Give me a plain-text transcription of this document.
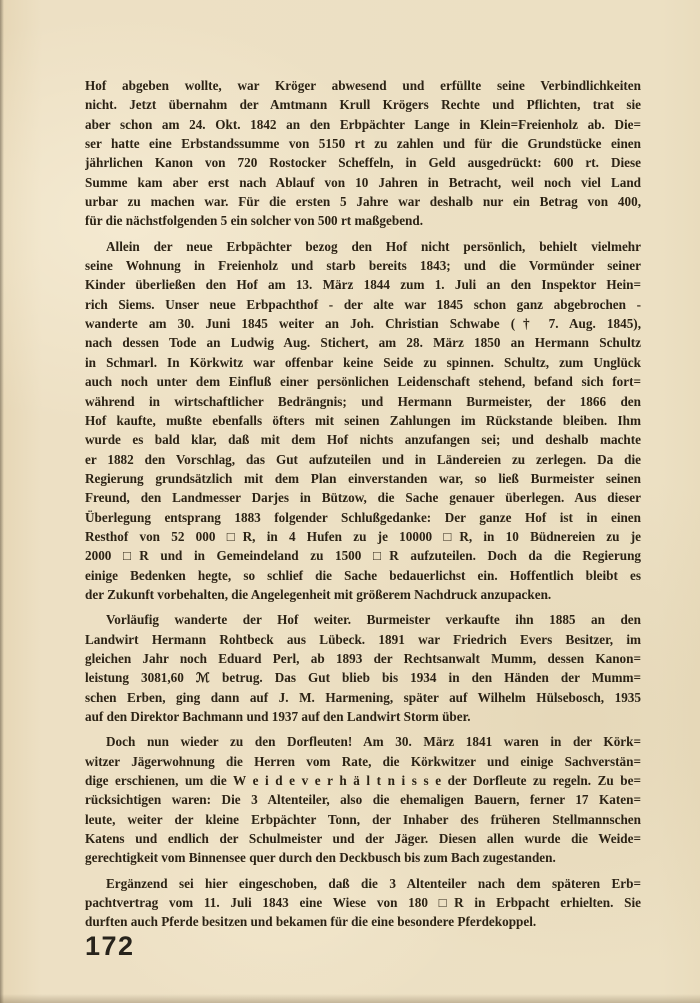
Hof abgeben wollte, war Kröger abwesend und erfüllte seine Verbindlichkeiten
nicht. Jetzt übernahm der Amtmann Krull Krögers Rechte und Pflichten, trat sie
aber schon am 24. Okt. 1842 an den Erbpächter Lange in Klein=Freienholz ab. Die=
ser hatte eine Erbstandssumme von 5150 rt zu zahlen und für die Grundstücke einen
jährlichen Kanon von 720 Rostocker Scheffeln, in Geld ausgedrückt: 600 rt. Diese
Summe kam aber erst nach Ablauf von 10 Jahren in Betracht, weil noch viel Land
urbar zu machen war. Für die ersten 5 Jahre war deshalb nur ein Betrag von 400,
für die nächstfolgenden 5 ein solcher von 500 rt maßgebend.
Allein der neue Erbpächter bezog den Hof nicht persönlich, behielt vielmehr
seine Wohnung in Freienholz und starb bereits 1843; und die Vormünder seiner
Kinder überließen den Hof am 13. März 1844 zum 1. Juli an den Inspektor Hein=
rich Siems. Unser neue Erbpachthof - der alte war 1845 schon ganz abgebrochen -
wanderte am 30. Juni 1845 weiter an Joh. Christian Schwabe († 7. Aug. 1845),
nach dessen Tode an Ludwig Aug. Stichert, am 28. März 1850 an Hermann Schultz
in Schmarl. In Körkwitz war offenbar keine Seide zu spinnen. Schultz, zum Unglück
auch noch unter dem Einfluß einer persönlichen Leidenschaft stehend, befand sich fort=
während in wirtschaftlicher Bedrängnis; und Hermann Burmeister, der 1866 den
Hof kaufte, mußte ebenfalls öfters mit seinen Zahlungen im Rückstande bleiben. Ihm
wurde es bald klar, daß mit dem Hof nichts anzufangen sei; und deshalb machte
er 1882 den Vorschlag, das Gut aufzuteilen und in Ländereien zu zerlegen. Da die
Regierung grundsätzlich mit dem Plan einverstanden war, so ließ Burmeister seinen
Freund, den Landmesser Darjes in Bützow, die Sache genauer überlegen. Aus dieser
Überlegung entsprang 1883 folgender Schlußgedanke: Der ganze Hof ist in einen
Resthof von 52 000 □R, in 4 Hufen zu je 10000 □R, in 10 Büdnereien zu je
2000 □R und in Gemeindeland zu 1500 □R aufzuteilen. Doch da die Regierung
einige Bedenken hegte, so schlief die Sache bedauerlichst ein. Hoffentlich bleibt es
der Zukunft vorbehalten, die Angelegenheit mit größerem Nachdruck anzupacken.
Vorläufig wanderte der Hof weiter. Burmeister verkaufte ihn 1885 an den
Landwirt Hermann Rohtbeck aus Lübeck. 1891 war Friedrich Evers Besitzer, im
gleichen Jahr noch Eduard Perl, ab 1893 der Rechtsanwalt Mumm, dessen Kanon=
leistung 3081,60 ℳ betrug. Das Gut blieb bis 1934 in den Händen der Mumm=
schen Erben, ging dann auf J. M. Harmening, später auf Wilhelm Hülsebosch, 1935
auf den Direktor Bachmann und 1937 auf den Landwirt Storm über.
Doch nun wieder zu den Dorfleuten! Am 30. März 1841 waren in der Körk=
witzer Jägerwohnung die Herren vom Rate, die Körkwitzer und einige Sachverstän=
dige erschienen, um die W e i d e v e r h ä l t n i s s e der Dorfleute zu regeln. Zu be=
rücksichtigen waren: Die 3 Altenteiler, also die ehemaligen Bauern, ferner 17 Katen=
leute, weiter der kleine Erbpächter Tonn, der Inhaber des früheren Stellmannschen
Katens und endlich der Schulmeister und der Jäger. Diesen allen wurde die Weide=
gerechtigkeit vom Binnensee quer durch den Deckbusch bis zum Bach zugestanden.
Ergänzend sei hier eingeschoben, daß die 3 Altenteiler nach dem späteren Erb=
pachtvertrag vom 11. Juli 1843 eine Wiese von 180 □R in Erbpacht erhielten. Sie
durften auch Pferde besitzen und bekamen für die eine besondere Pferdekoppel.
172
